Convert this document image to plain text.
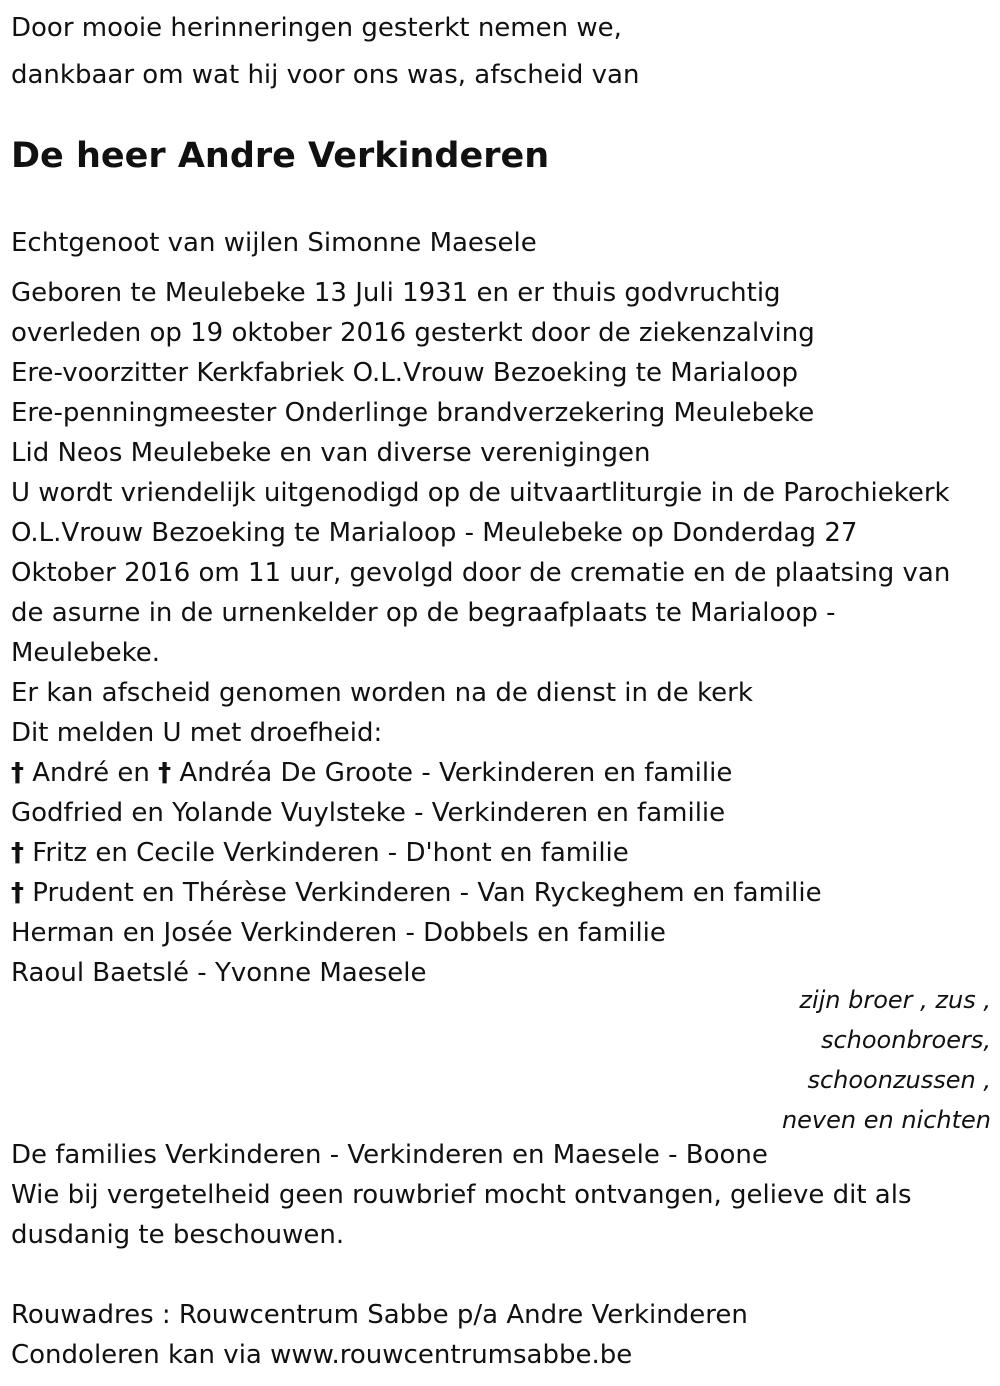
Door mooie herinneringen gesterkt nemen we,
dankbaar om wat hij voor ons was, afscheid van
De heer Andre Verkinderen
Echtgenoot van wijlen Simonne Maesele
Geboren te Meulebeke 13 Juli 1931 en er thuis godvruchtig
overleden op 19 oktober 2016 gesterkt door de ziekenzalving
Ere-voorzitter Kerkfabriek O.L.Vrouw Bezoeking te Marialoop
Ere-penningmeester Onderlinge brandverzekering Meulebeke
Lid Neos Meulebeke en van diverse verenigingen
U wordt vriendelijk uitgenodigd op de uitvaartliturgie in de Parochiekerk
O.L.Vrouw Bezoeking te Marialoop - Meulebeke op Donderdag 27
Oktober 2016 om 11 uur, gevolgd door de crematie en de plaatsing van
de asurne in de urnenkelder op de begraafplaats te Marialoop -
Meulebeke.
Er kan afscheid genomen worden na de dienst in de kerk
Dit melden U met droefheid:
† André en † Andréa De Groote - Verkinderen en familie
Godfried en Yolande Vuylsteke - Verkinderen en familie
† Fritz en Cecile Verkinderen - D'hont en familie
† Prudent en Thérèse Verkinderen - Van Ryckeghem en familie
Herman en Josée Verkinderen - Dobbels en familie
Raoul Baetslé - Yvonne Maesele
zijn broer , zus ,
schoonbroers,
schoonzussen ,
neven en nichten
De families Verkinderen - Verkinderen en Maesele - Boone
Wie bij vergetelheid geen rouwbrief mocht ontvangen, gelieve dit als
dusdanig te beschouwen.
Rouwadres : Rouwcentrum Sabbe p/a Andre Verkinderen
Condoleren kan via www.rouwcentrumsabbe.be
